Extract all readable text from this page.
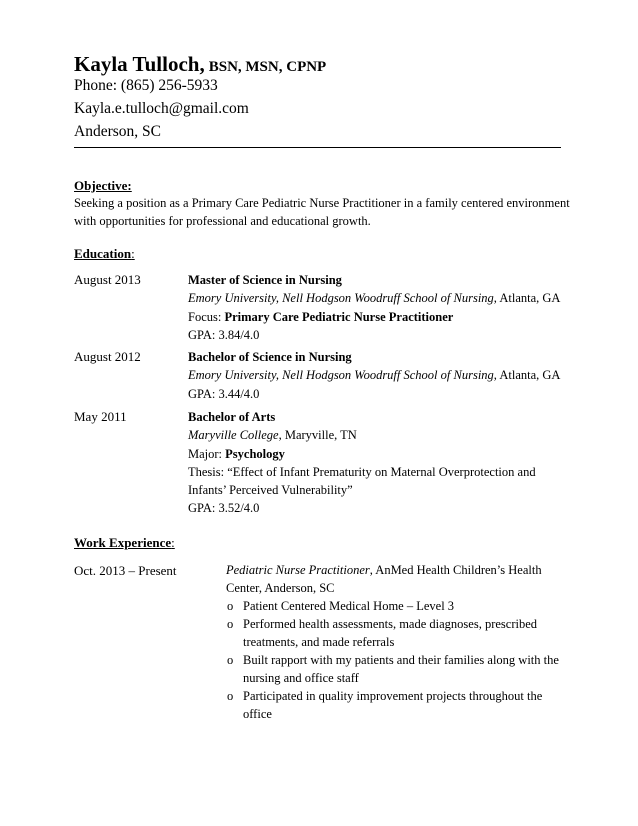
Kayla Tulloch, BSN, MSN, CPNP
Phone: (865) 256-5933
Kayla.e.tulloch@gmail.com
Anderson, SC
Objective:
Seeking a position as a Primary Care Pediatric Nurse Practitioner in a family centered environment with opportunities for professional and educational growth.
Education:
August 2013	Master of Science in Nursing
Emory University, Nell Hodgson Woodruff School of Nursing, Atlanta, GA
Focus: Primary Care Pediatric Nurse Practitioner
GPA: 3.84/4.0
August 2012	Bachelor of Science in Nursing
Emory University, Nell Hodgson Woodruff School of Nursing, Atlanta, GA
GPA: 3.44/4.0
May 2011	Bachelor of Arts
Maryville College, Maryville, TN
Major: Psychology
Thesis: “Effect of Infant Prematurity on Maternal Overprotection and
Infants’ Perceived Vulnerability”
GPA: 3.52/4.0
Work Experience:
Oct. 2013 – Present	Pediatric Nurse Practitioner, AnMed Health Children’s Health Center, Anderson, SC
o Patient Centered Medical Home – Level 3
o Performed health assessments, made diagnoses, prescribed treatments, and made referrals
o Built rapport with my patients and their families along with the nursing and office staff
o Participated in quality improvement projects throughout the office
